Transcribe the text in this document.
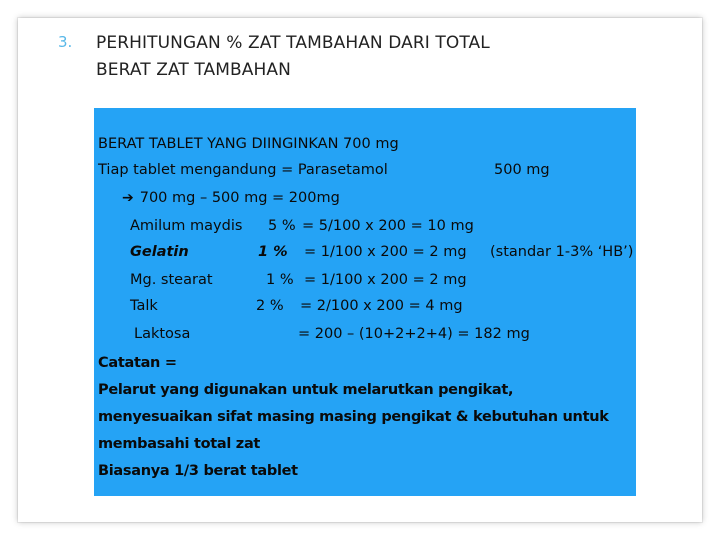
3.	PERHITUNGAN % ZAT TAMBAHAN DARI TOTAL
BERAT ZAT TAMBAHAN
BERAT TABLET YANG DIINGINKAN 700 mg
Tiap tablet mengandung = Parasetamol	500 mg
➔ 700 mg – 500 mg = 200mg
Amilum maydis 5 % = 5/100 x 200 = 10 mg
Gelatin	1 % = 1/100 x 200 = 2 mg (standar 1-3% ‘HB’)
Mg. stearat	1 % = 1/100 x 200 = 2 mg
Talk	2 % = 2/100 x 200 = 4 mg
Laktosa	= 200 – (10+2+2+4) = 182 mg
Catatan =
Pelarut yang digunakan untuk melarutkan pengikat,
menyesuaikan sifat masing masing pengikat & kebutuhan untuk
membasahi total zat
Biasanya 1/3 berat tablet
